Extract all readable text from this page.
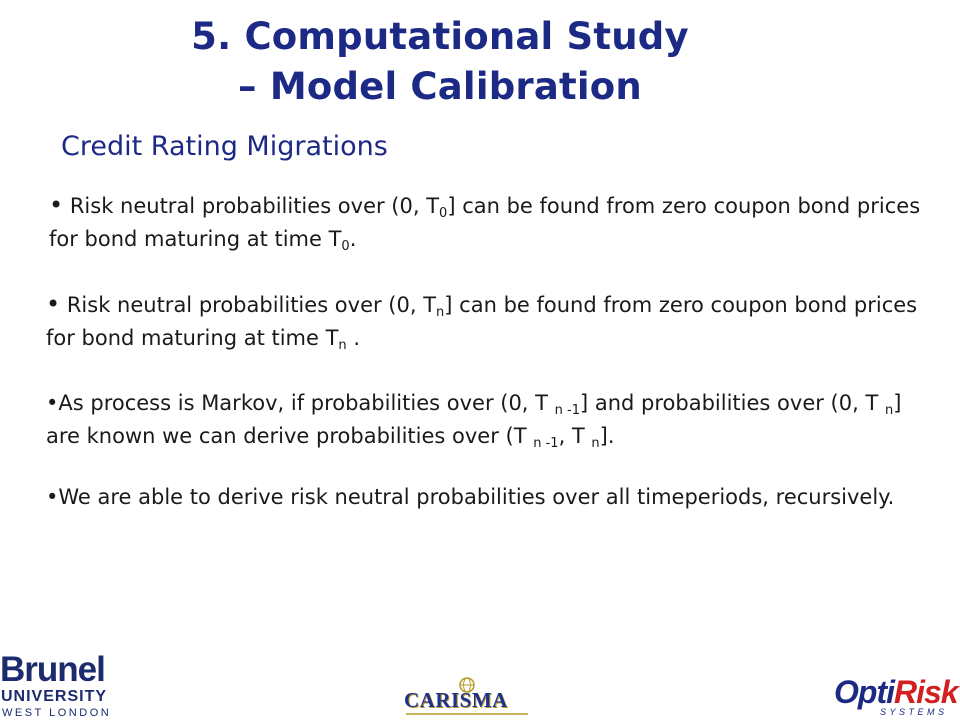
5. Computational Study
– Model Calibration
Credit Rating Migrations
• Risk neutral probabilities over (0, $T_0$] can be found from zero coupon bond prices for bond maturing at time $T_0$.
• Risk neutral probabilities over (0, $T_n$] can be found from zero coupon bond prices for bond maturing at time $T_n$ .
•As process is Markov, if probabilities over (0, T $_{n -1}$] and probabilities over (0, T $_n$] are known we can derive probabilities over (T $_{n -1}$, T $_n$].
•We are able to derive risk neutral probabilities over all timeperiods, recursively.
Brunel
UNIVERSITY
WEST LONDON
CARISMA	OptiRisk
SYSTEMS
